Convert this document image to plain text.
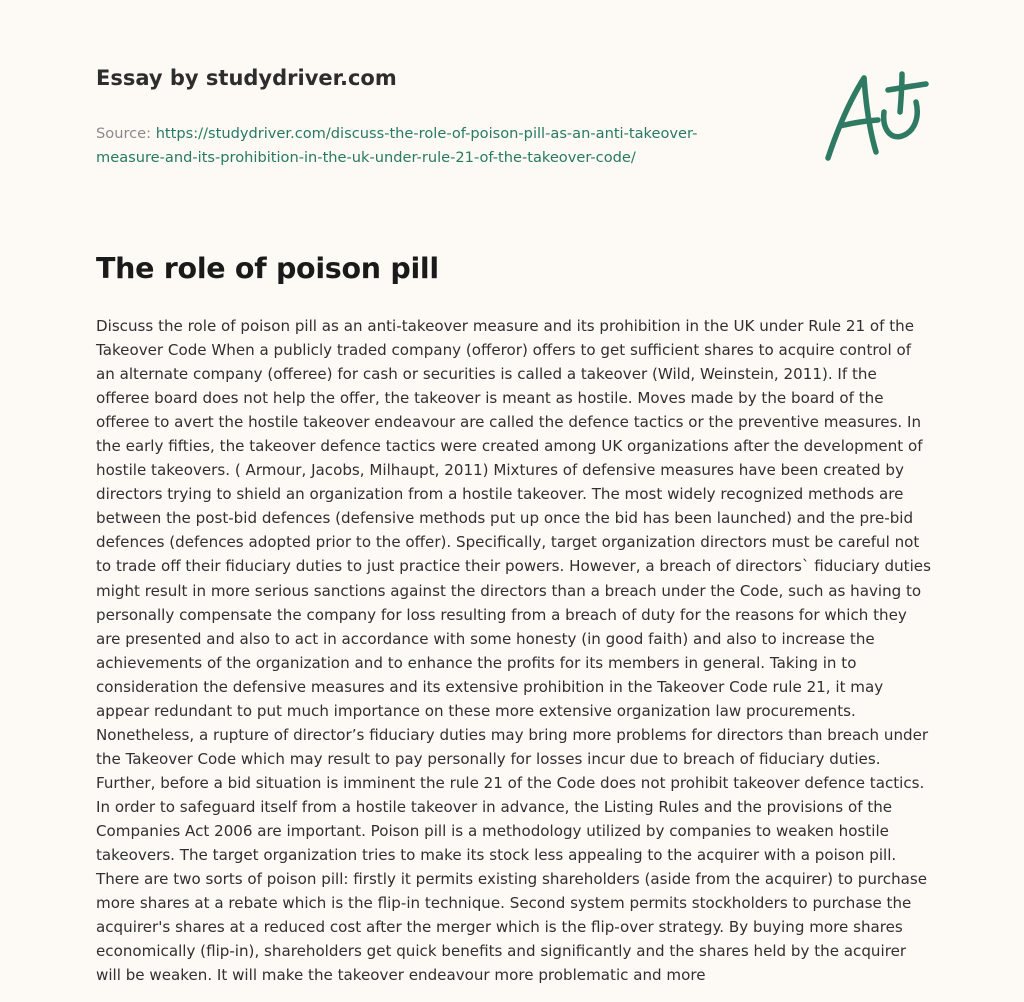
Essay by studydriver.com
Source: https://studydriver.com/discuss-the-role-of-poison-pill-as-an-anti-takeover-measure-and-its-prohibition-in-the-uk-under-rule-21-of-the-takeover-code/
The role of poison pill

Discuss the role of poison pill as an anti-takeover measure and its prohibition in the UK under Rule 21 of the Takeover Code When a publicly traded company (offeror) offers to get sufficient shares to acquire control of an alternate company (offeree) for cash or securities is called a takeover (Wild, Weinstein, 2011). If the offeree board does not help the offer, the takeover is meant as hostile. Moves made by the board of the offeree to avert the hostile takeover endeavour are called the defence tactics or the preventive measures. In the early fifties, the takeover defence tactics were created among UK organizations after the development of hostile takeovers. ( Armour, Jacobs, Milhaupt, 2011) Mixtures of defensive measures have been created by directors trying to shield an organization from a hostile takeover. The most widely recognized methods are between the post-bid defences (defensive methods put up once the bid has been launched) and the pre-bid defences (defences adopted prior to the offer). Specifically, target organization directors must be careful not to trade off their fiduciary duties to just practice their powers. However, a breach of directors` fiduciary duties might result in more serious sanctions against the directors than a breach under the Code, such as having to personally compensate the company for loss resulting from a breach of duty for the reasons for which they are presented and also to act in accordance with some honesty (in good faith) and also to increase the achievements of the organization and to enhance the profits for its members in general. Taking in to consideration the defensive measures and its extensive prohibition in the Takeover Code rule 21, it may appear redundant to put much importance on these more extensive organization law procurements. Nonetheless, a rupture of director’s fiduciary duties may bring more problems for directors than breach under the Takeover Code which may result to pay personally for losses incur due to breach of fiduciary duties. Further, before a bid situation is imminent the rule 21 of the Code does not prohibit takeover defence tactics. In order to safeguard itself from a hostile takeover in advance, the Listing Rules and the provisions of the Companies Act 2006 are important. Poison pill is a methodology utilized by companies to weaken hostile takeovers. The target organization tries to make its stock less appealing to the acquirer with a poison pill. There are two sorts of poison pill: firstly it permits existing shareholders (aside from the acquirer) to purchase more shares at a rebate which is the flip-in technique. Second system permits stockholders to purchase the acquirer's shares at a reduced cost after the merger which is the flip-over strategy. By buying more shares economically (flip-in), shareholders get quick benefits and significantly and the shares held by the acquirer will be weaken. It will make the takeover endeavour more problematic and more
